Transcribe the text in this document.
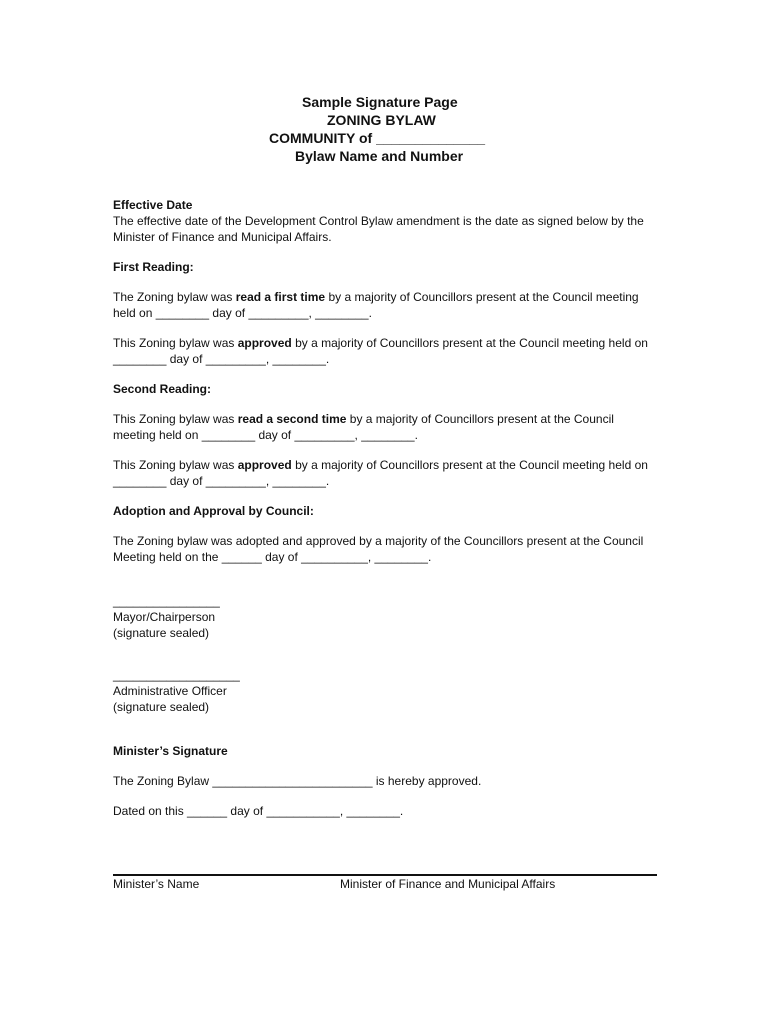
Sample Signature Page
ZONING BYLAW
COMMUNITY of ______________
Bylaw Name and Number

Effective Date

The effective date of the Development Control Bylaw amendment is the date as signed below by the Minister of Finance and Municipal Affairs.

First Reading:

The Zoning bylaw was read a first time by a majority of Councillors present at the Council meeting held on ________ day of _________, ________.

This Zoning bylaw was approved by a majority of Councillors present at the Council meeting held on ________ day of _________, ________.

Second Reading:

This Zoning bylaw was read a second time by a majority of Councillors present at the Council meeting held on ________ day of _________, ________.

This Zoning bylaw was approved by a majority of Councillors present at the Council meeting held on ________ day of _________, ________.

Adoption and Approval by Council:

The Zoning bylaw was adopted and approved by a majority of the Councillors present at the Council Meeting held on the ______ day of __________, ________.

________________

Mayor/Chairperson

(signature sealed)

___________________

Administrative Officer

(signature sealed)

Minister’s Signature

The Zoning Bylaw ________________________ is hereby approved.

Dated on this ______ day of ___________, ________.

Minister’s Name	Minister of Finance and Municipal Affairs
